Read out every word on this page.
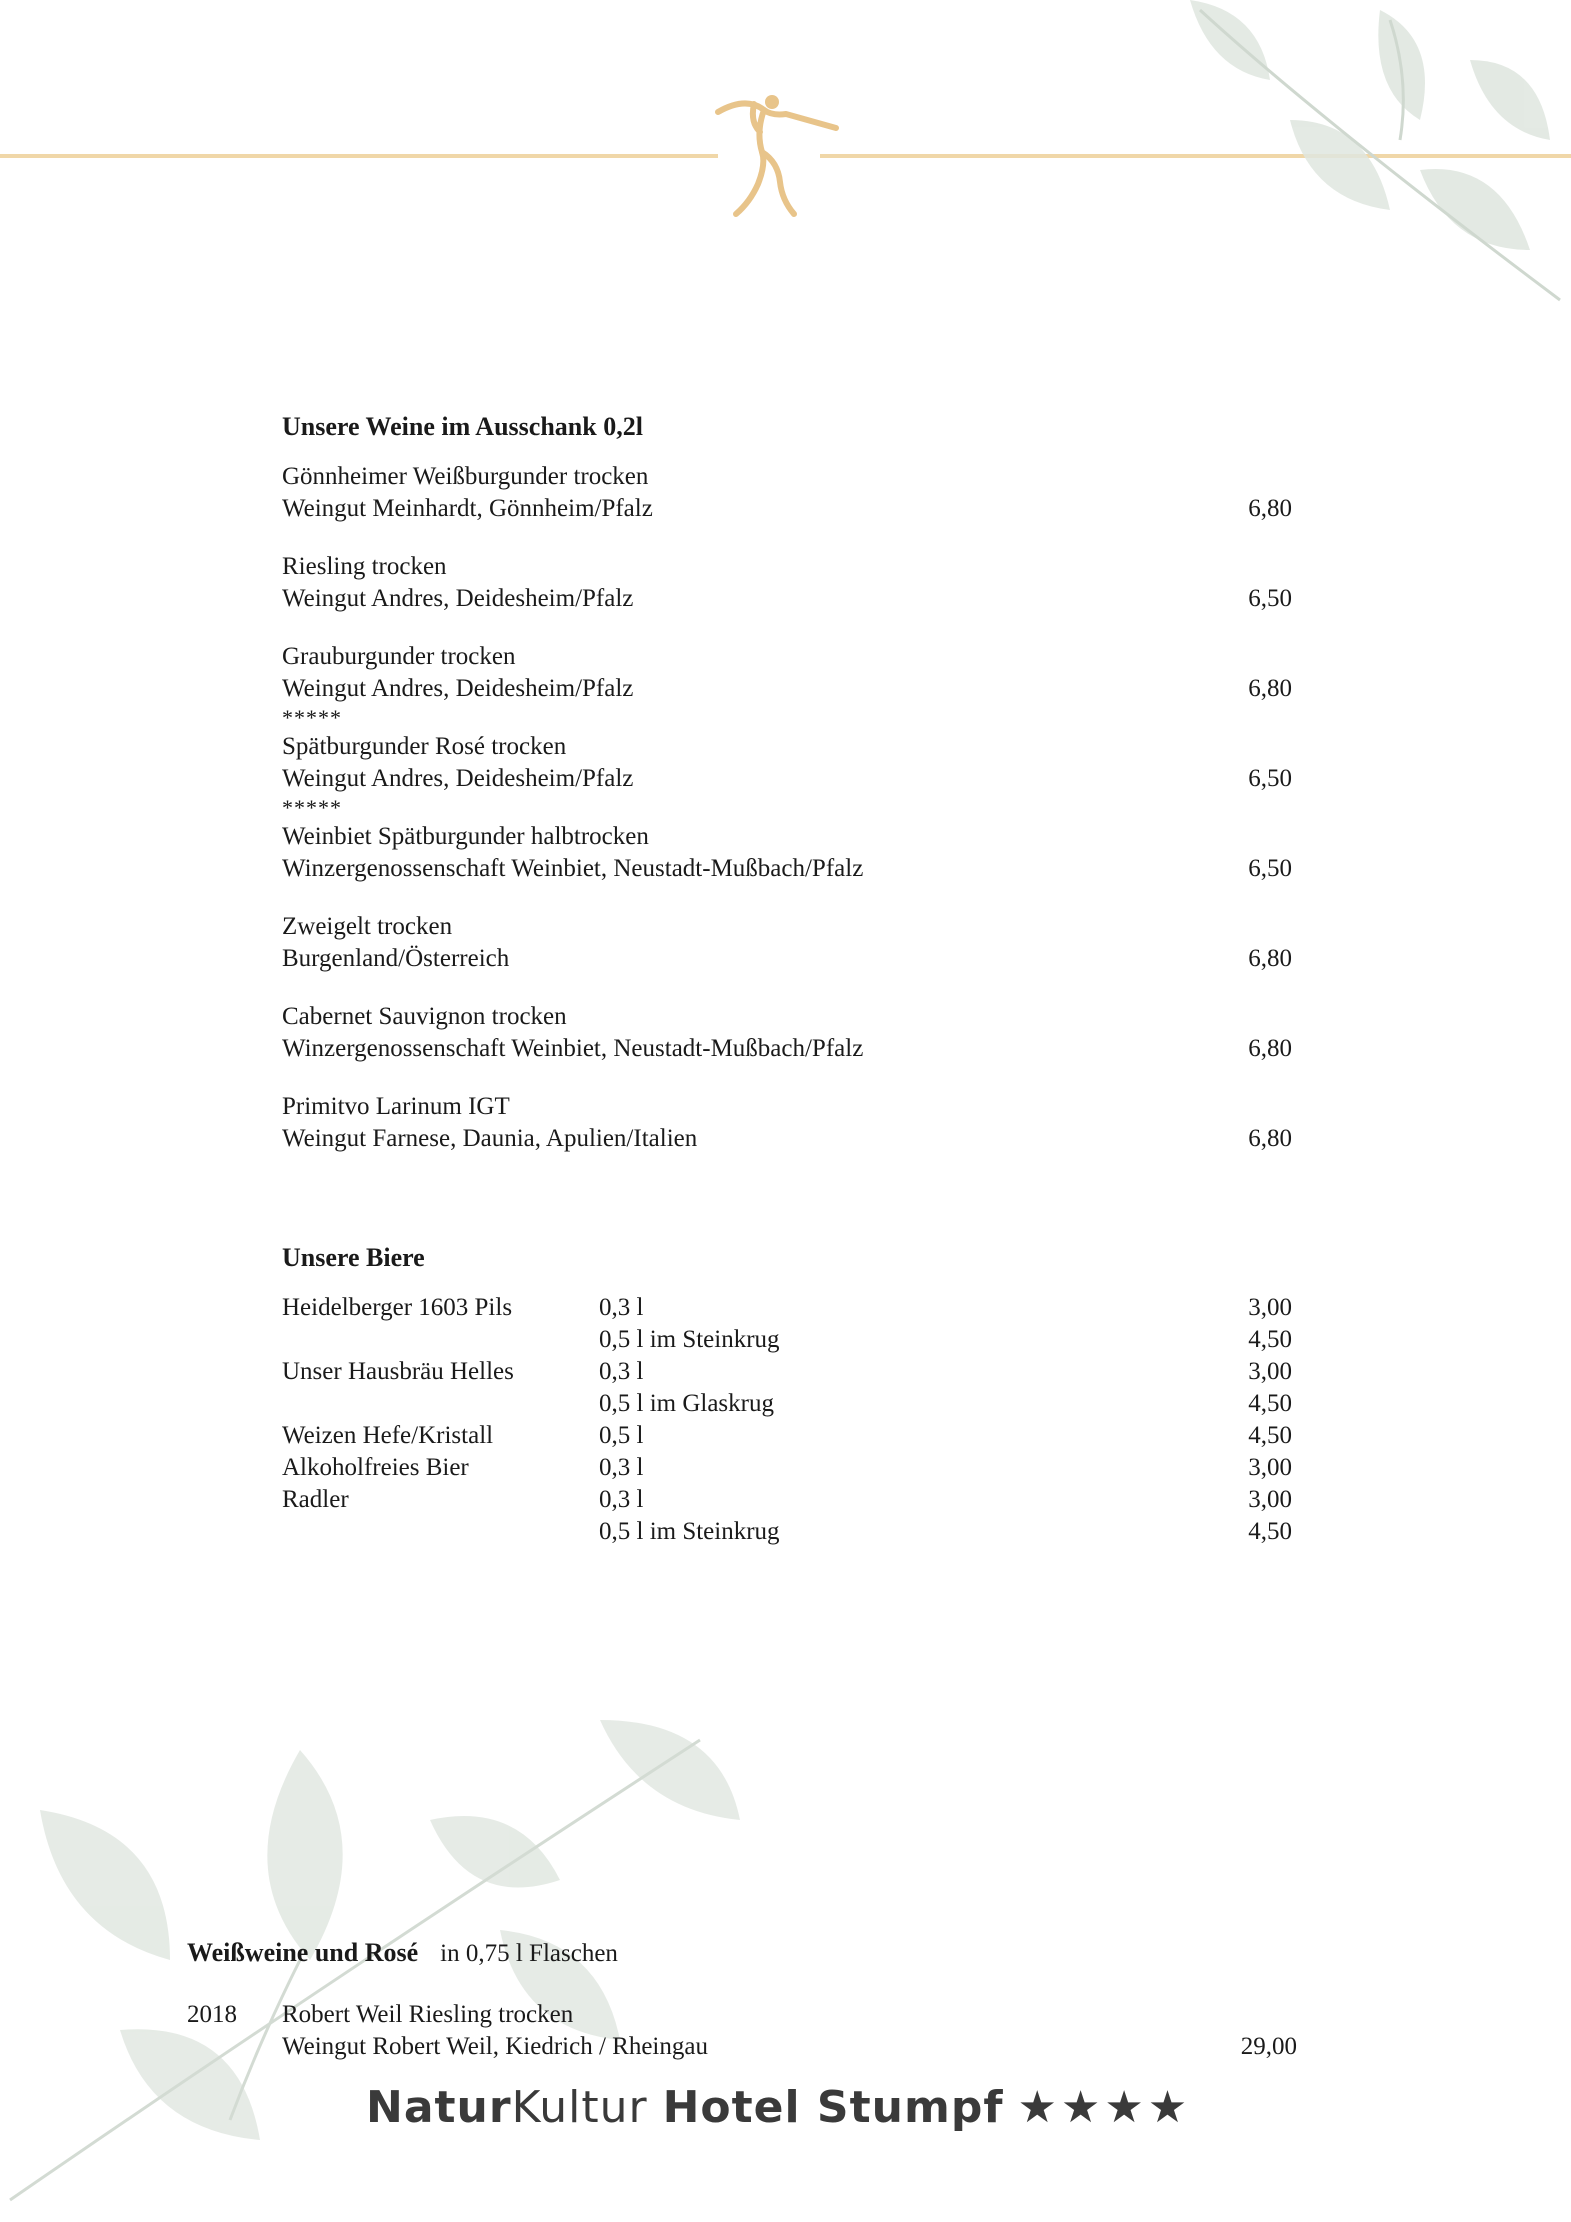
Unsere Weine im Ausschank 0,2l
Gönnheimer Weißburgunder trocken
Weingut Meinhardt, Gönnheim/Pfalz	6,80
Riesling trocken
Weingut Andres, Deidesheim/Pfalz	6,50
Grauburgunder trocken
Weingut Andres, Deidesheim/Pfalz	6,80
*****
Spätburgunder Rosé trocken
Weingut Andres, Deidesheim/Pfalz	6,50
*****
Weinbiet Spätburgunder halbtrocken
Winzergenossenschaft Weinbiet, Neustadt-Mußbach/Pfalz	6,50
Zweigelt trocken
Burgenland/Österreich	6,80
Cabernet Sauvignon trocken
Winzergenossenschaft Weinbiet, Neustadt-Mußbach/Pfalz	6,80
Primitvo Larinum IGT
Weingut Farnese, Daunia, Apulien/Italien	6,80
Unsere Biere
Heidelberger 1603 Pils	0,3 l	3,00
	0,5 l im Steinkrug	4,50
Unser Hausbräu Helles	0,3 l	3,00
	0,5 l im Glaskrug	4,50
Weizen Hefe/Kristall	0,5 l	4,50
Alkoholfreies Bier	0,3 l	3,00
Radler	0,3 l	3,00
	0,5 l im Steinkrug	4,50
Weißweine und Rosé in 0,75 l Flaschen
2018 Robert Weil Riesling trocken
Weingut Robert Weil, Kiedrich / Rheingau	29,00
NaturKultur Hotel Stumpf ★★★★
